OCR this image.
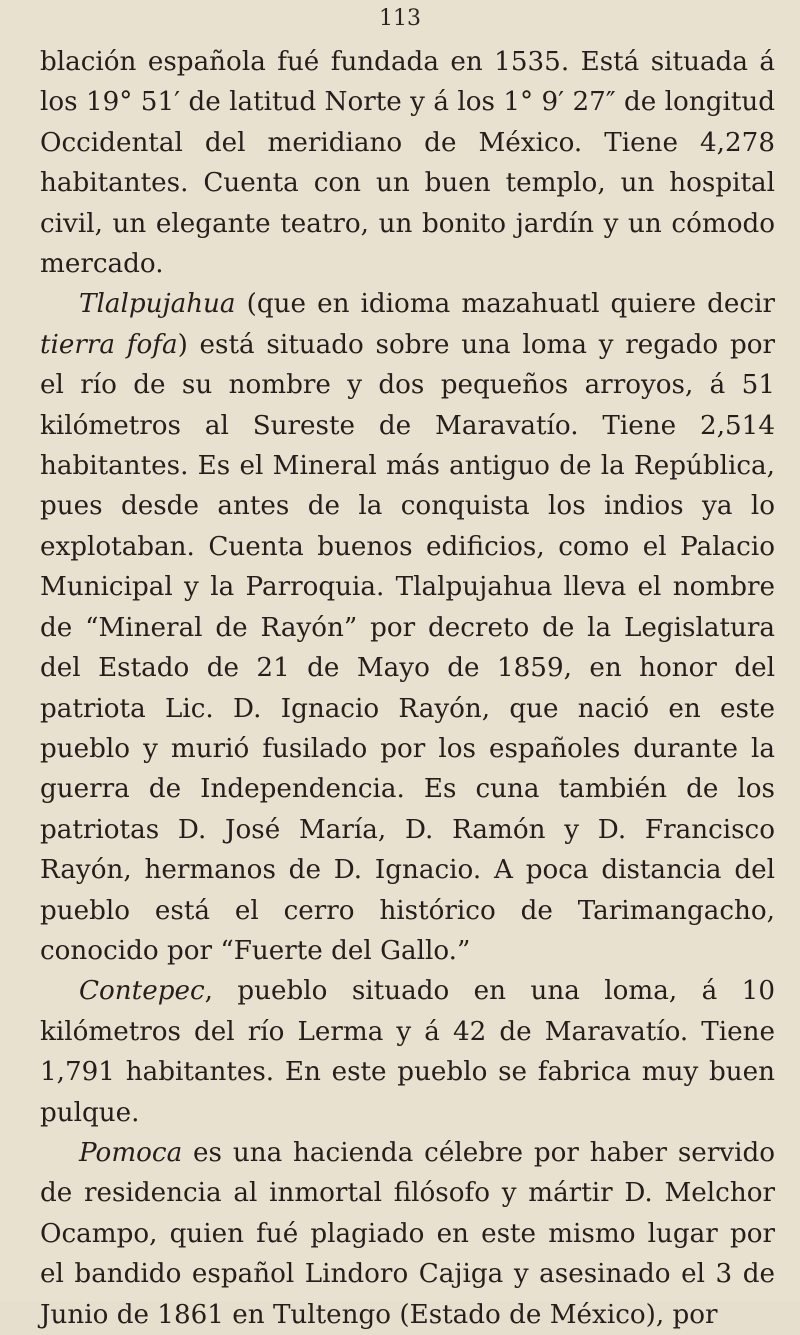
113

blación española fué fundada en 1535. Está situada á los 19° 51′ de latitud Norte y á los 1° 9′ 27″ de longitud Occidental del meridiano de México. Tiene 4,278 habitantes. Cuenta con un buen templo, un hospital civil, un elegante teatro, un bonito jardín y un cómodo mercado.

Tlalpujahua (que en idioma mazahuatl quiere decir tierra fofa) está situado sobre una loma y regado por el río de su nombre y dos pequeños arroyos, á 51 kilómetros al Sureste de Maravatío. Tiene 2,514 habitantes. Es el Mineral más antiguo de la República, pues desde antes de la conquista los indios ya lo explotaban. Cuenta buenos edificios, como el Palacio Municipal y la Parroquia. Tlalpujahua lleva el nombre de “Mineral de Rayón” por decreto de la Legislatura del Estado de 21 de Mayo de 1859, en honor del patriota Lic. D. Ignacio Rayón, que nació en este pueblo y murió fusilado por los españoles durante la guerra de Independencia. Es cuna también de los patriotas D. José María, D. Ramón y D. Francisco Rayón, hermanos de D. Ignacio. A poca distancia del pueblo está el cerro histórico de Tarimangacho, conocido por “Fuerte del Gallo.”

Contepec, pueblo situado en una loma, á 10 kilómetros del río Lerma y á 42 de Maravatío. Tiene 1,791 habitantes. En este pueblo se fabrica muy buen pulque.

Pomoca es una hacienda célebre por haber servido de residencia al inmortal filósofo y mártir D. Melchor Ocampo, quien fué plagiado en este mismo lugar por el bandido español Lindoro Cajiga y asesinado el 3 de Junio de 1861 en Tultengo (Estado de México), por
